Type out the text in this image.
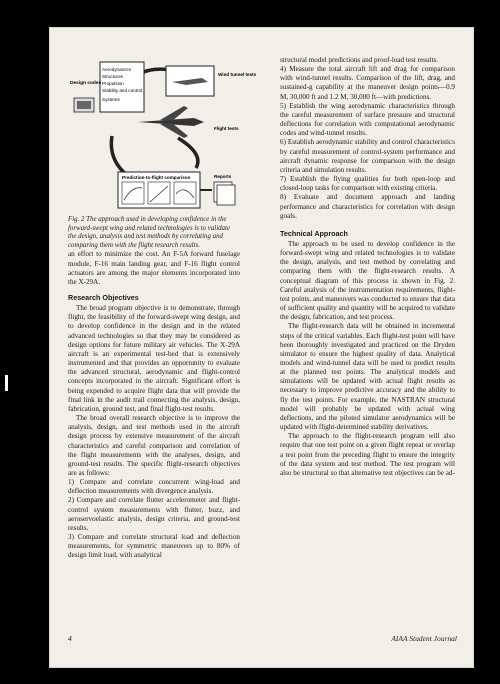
Aerodynamics
Structures
Propulsion
Stability and control
Systems
Design codes
Wind tunnel tests
Flight tests
Prediction-to-flight comparison	Reports

Fig. 2 The approach used in developing confidence in the forward-swept wing and related technologies is to validate the design, analysis and test methods by correlating and comparing them with the flight research results.

an effort to minimize the cost. An F-5A forward fuselage module, F-16 main landing gear, and F-16 flight control actuators are among the major elements incorporated into the X-29A.

Research Objectives

The broad program objective is to demonstrate, through flight, the feasibility of the forward-swept wing design, and to develop confidence in the design and in the related advanced technologies so that they may be considered as design options for future military air vehicles. The X-29A aircraft is an experimental test-bed that is extensively instrumented and that provides an opportunity to evaluate the advanced structural, aerodynamic and flight-control concepts incorporated in the aircraft. Significant effort is being expended to acquire flight data that will provide the final link in the audit trail connecting the analysis, design, fabrication, ground test, and final flight-test results.

The broad overall research objective is to improve the analysis, design, and test methods used in the aircraft design process by extensive measurement of the aircraft characteristics and careful comparison and correlation of the flight measurements with the analyses, design, and ground-test results. The specific flight-research objectives are as follows:

1) Compare and correlate concurrent wing-load and deflection measurements with divergence analysis.

2) Compare and correlate flutter accelerometer and flight-control system measurements with flutter, buzz, and aeroservoelastic analysis, design criteria, and ground-test results.

3) Compare and correlate structural load and deflection measurements, for symmetric maneuvers up to 80% of design limit load, with analytical

structural model predictions and proof-load test results.

4) Measure the total aircraft lift and drag for comparison with wind-tunnel results. Comparison of the lift, drag, and sustained-g capability at the maneuver design points—0.9 M, 30,000 ft and 1.2 M, 30,000 ft—with predictions.

5) Establish the wing aerodynamic characteristics through the careful measurement of surface pressure and structural deflections for correlation with computational aerodynamic codes and wind-tunnel results.

6) Establish aerodynamic stability and control characteristics by careful measurement of control-system performance and aircraft dynamic response for comparison with the design criteria and simulation results.

7) Establish the flying qualities for both open-loop and closed-loop tasks for comparison with existing criteria.

8) Evaluate and document approach and landing performance and characteristics for correlation with design goals.

Technical Approach

The approach to be used to develop confidence in the forward-swept wing and related technologies is to validate the design, analysis, and test method by correlating and comparing them with the flight-research results. A conceptual diagram of this process is shown in Fig. 2. Careful analysis of the instrumentation requirements, flight-test points, and maneuvers was conducted to ensure that data of sufficient quality and quantity will be acquired to validate the design, fabrication, and test process.

The flight-research data will be obtained in incremental steps of the critical variables. Each flight-test point will have been thoroughly investigated and practiced on the Dryden simulator to ensure the highest quality of data. Analytical models and wind-tunnel data will be used to predict results at the planned test points. The analytical models and simulations will be updated with actual flight results as necessary to improve predictive accuracy and the ability to fly the test points. For example, the NASTRAN structural model will probably be updated with actual wing deflections, and the piloted simulator aerodynamics will be updated with flight-determined stability derivatives.

The approach to the flight-research program will also require that one test point on a given flight repeat or overlap a test point from the preceding flight to ensure the integrity of the data system and test method. The test program will also be structural so that alternative test objectives can be ad-

4	AIAA Student Journal
